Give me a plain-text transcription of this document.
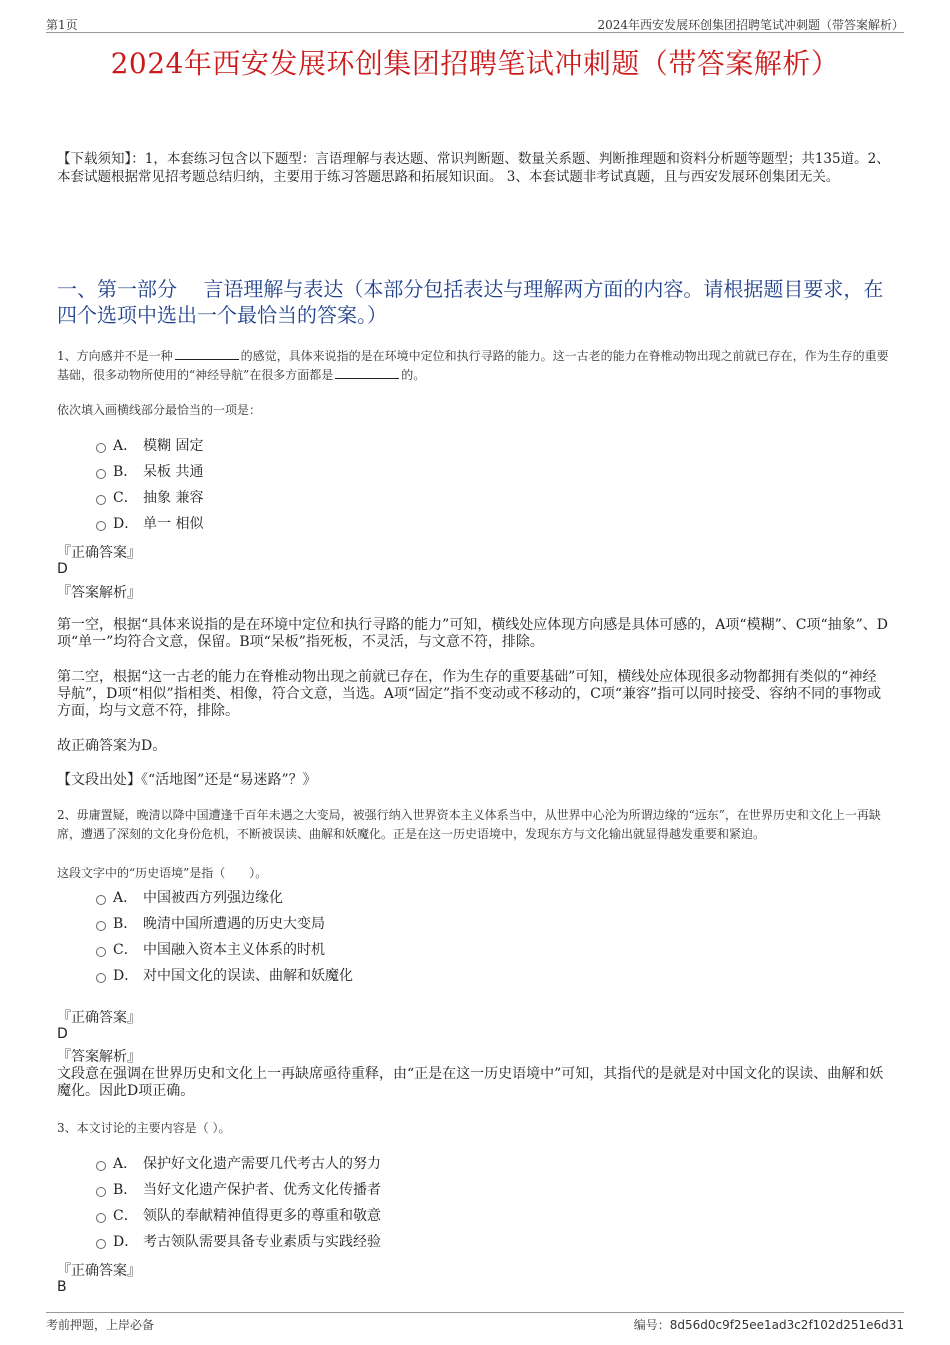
第1页	2024年西安发展环创集团招聘笔试冲刺题（带答案解析）
2024年西安发展环创集团招聘笔试冲刺题（带答案解析）
【下载须知】：1，本套练习包含以下题型：言语理解与表达题、常识判断题、数量关系题、判断推理题和资料分析题等题型；共135道。2、本套试题根据常见招考题总结归纳，主要用于练习答题思路和拓展知识面。 3、本套试题非考试真题，且与西安发展环创集团无关。
一、第一部分　 言语理解与表达（本部分包括表达与理解两方面的内容。请根据题目要求，在四个选项中选出一个最恰当的答案。）
1、方向感并不是一种	的感觉，具体来说指的是在环境中定位和执行寻路的能力。这一古老的能力在脊椎动物出现之前就已存在，作为生存的重要基础，很多动物所使用的“神经导航”在很多方面都是	的。
依次填入画横线部分最恰当的一项是：
A． 模糊 固定
B． 呆板 共通
C． 抽象 兼容
D． 单一 相似
『正确答案』
D
『答案解析』
第一空，根据“具体来说指的是在环境中定位和执行寻路的能力”可知，横线处应体现方向感是具体可感的，A项“模糊”、C项“抽象”、D项“单一”均符合文意，保留。B项“呆板”指死板，不灵活，与文意不符，排除。
第二空，根据“这一古老的能力在脊椎动物出现之前就已存在，作为生存的重要基础”可知，横线处应体现很多动物都拥有类似的“神经导航”，D项“相似”指相类、相像，符合文意，当选。A项“固定”指不变动或不移动的，C项“兼容”指可以同时接受、容纳不同的事物或方面，均与文意不符，排除。
故正确答案为D。
【文段出处】《“活地图”还是“易迷路”？》
2、毋庸置疑，晚清以降中国遭逢千百年未遇之大变局，被强行纳入世界资本主义体系当中，从世界中心沦为所谓边缘的“远东”，在世界历史和文化上一再缺席，遭遇了深刻的文化身份危机，不断被误读、曲解和妖魔化。正是在这一历史语境中，发现东方与文化输出就显得越发重要和紧迫。
这段文字中的“历史语境”是指（　　）。
A． 中国被西方列强边缘化
B． 晚清中国所遭遇的历史大变局
C． 中国融入资本主义体系的时机
D． 对中国文化的误读、曲解和妖魔化
『正确答案』
D
『答案解析』
文段意在强调在世界历史和文化上一再缺席亟待重释，由“正是在这一历史语境中”可知，其指代的是就是对中国文化的误读、曲解和妖魔化。因此D项正确。
3、本文讨论的主要内容是（ ）。
A． 保护好文化遗产需要几代考古人的努力
B． 当好文化遗产保护者、优秀文化传播者
C． 领队的奉献精神值得更多的尊重和敬意
D． 考古领队需要具备专业素质与实践经验
『正确答案』
B
考前押题，上岸必备	编号：8d56d0c9f25ee1ad3c2f102d251e6d31
